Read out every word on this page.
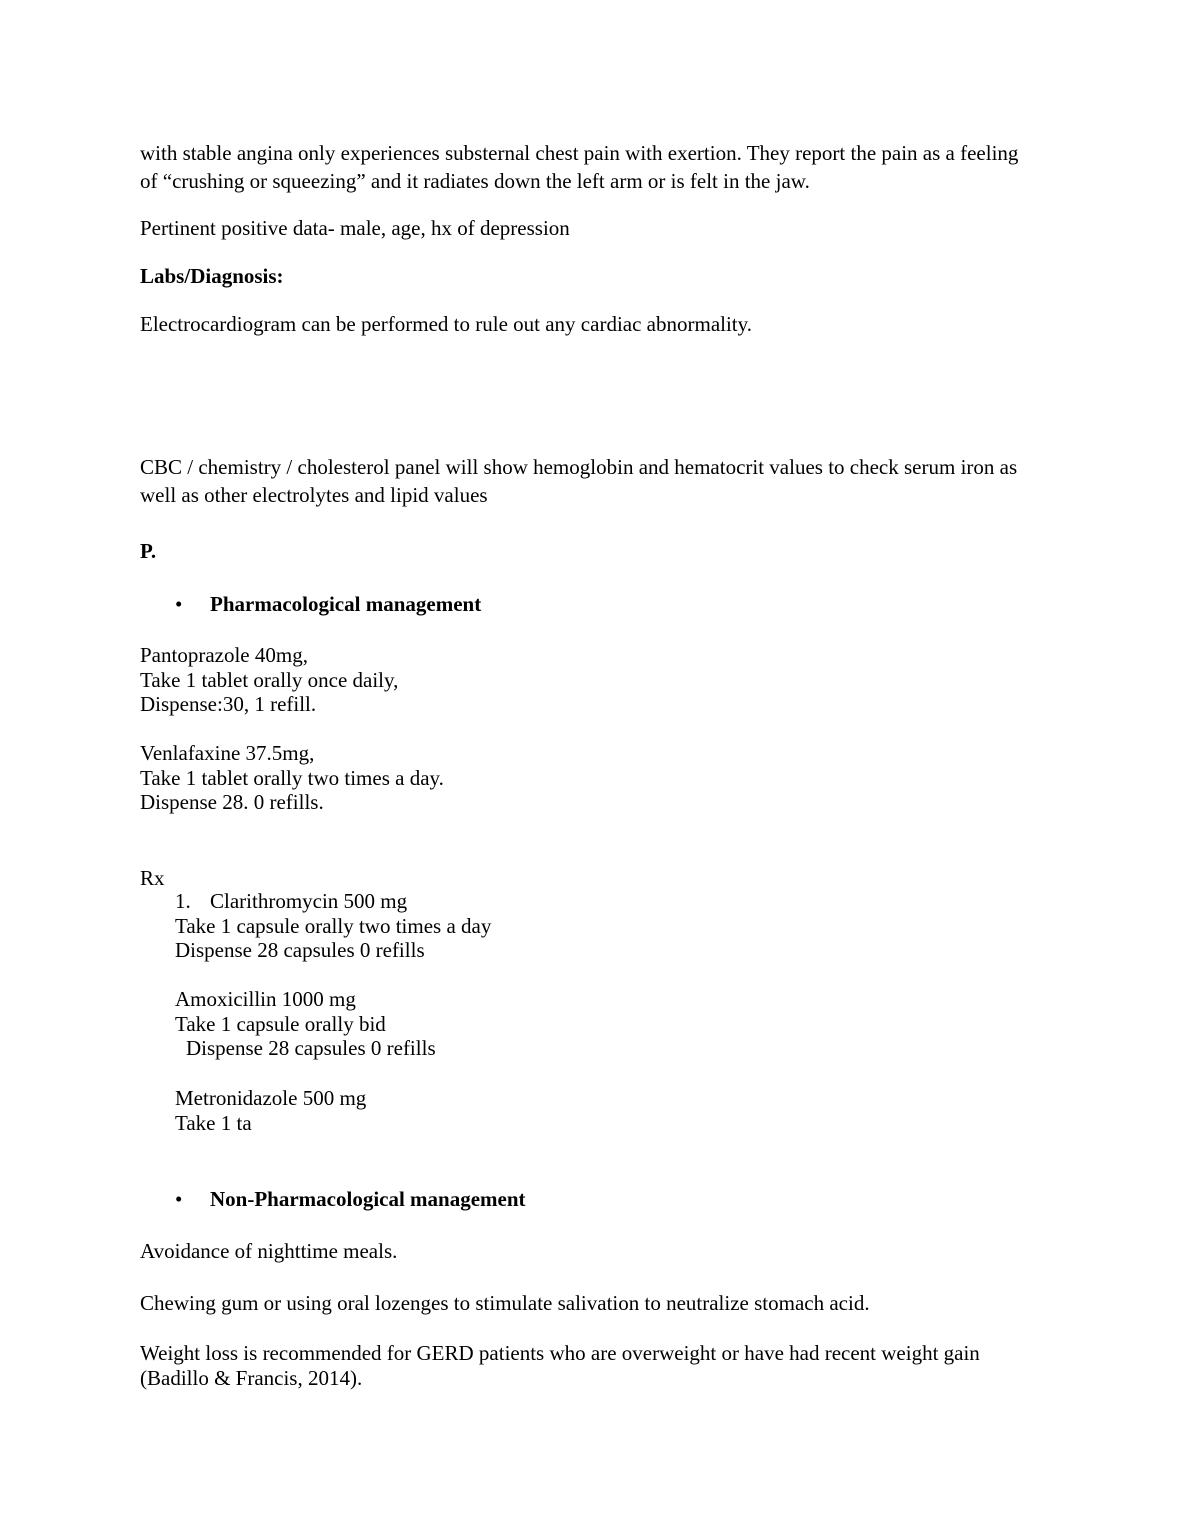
with stable angina only experiences substernal chest pain with exertion. They report the pain as a feeling
of “crushing or squeezing” and it radiates down the left arm or is felt in the jaw.
Pertinent positive data- male, age, hx of depression
Labs/Diagnosis:
Electrocardiogram can be performed to rule out any cardiac abnormality.
CBC / chemistry / cholesterol panel will show hemoglobin and hematocrit values to check serum iron as
well as other electrolytes and lipid values
P.
• Pharmacological management
Pantoprazole 40mg,
Take 1 tablet orally once daily,
Dispense:30, 1 refill.
Venlafaxine 37.5mg,
Take 1 tablet orally two times a day.
Dispense 28. 0 refills.
Rx
1. Clarithromycin 500 mg
Take 1 capsule orally two times a day
Dispense 28 capsules 0 refills
Amoxicillin 1000 mg
Take 1 capsule orally bid
Dispense 28 capsules 0 refills
Metronidazole 500 mg
Take 1 ta
• Non-Pharmacological management
Avoidance of nighttime meals.
Chewing gum or using oral lozenges to stimulate salivation to neutralize stomach acid.
Weight loss is recommended for GERD patients who are overweight or have had recent weight gain
(Badillo & Francis, 2014).
